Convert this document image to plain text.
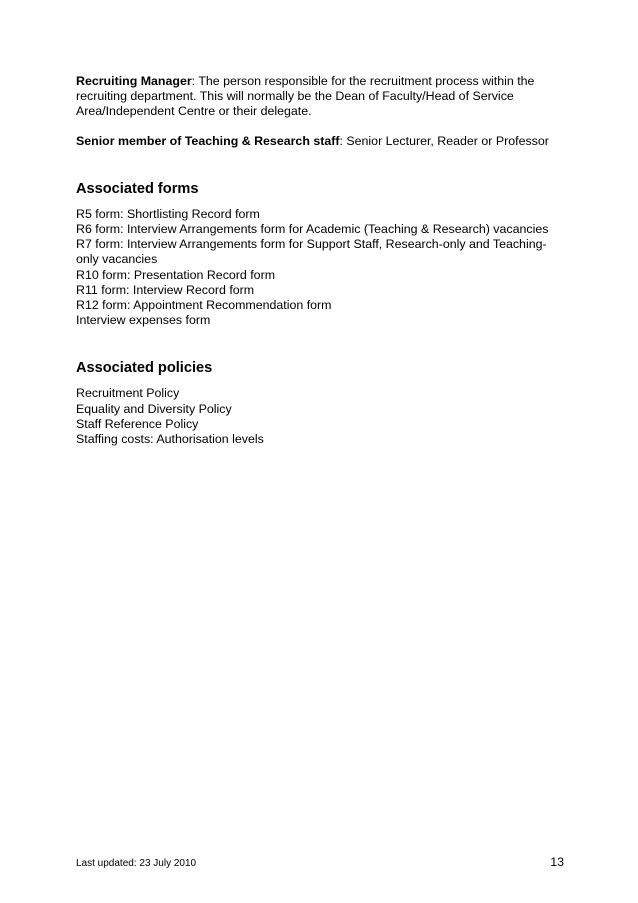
Recruiting Manager: The person responsible for the recruitment process within the recruiting department. This will normally be the Dean of Faculty/Head of Service Area/Independent Centre or their delegate.

Senior member of Teaching & Research staff: Senior Lecturer, Reader or Professor

Associated forms
R5 form: Shortlisting Record form
R6 form: Interview Arrangements form for Academic (Teaching & Research) vacancies
R7 form: Interview Arrangements form for Support Staff, Research-only and Teaching-only vacancies
R10 form: Presentation Record form
R11 form: Interview Record form
R12 form: Appointment Recommendation form
Interview expenses form
Associated policies
Recruitment Policy
Equality and Diversity Policy
Staff Reference Policy
Staffing costs: Authorisation levels
Last updated: 23 July 2010	13
